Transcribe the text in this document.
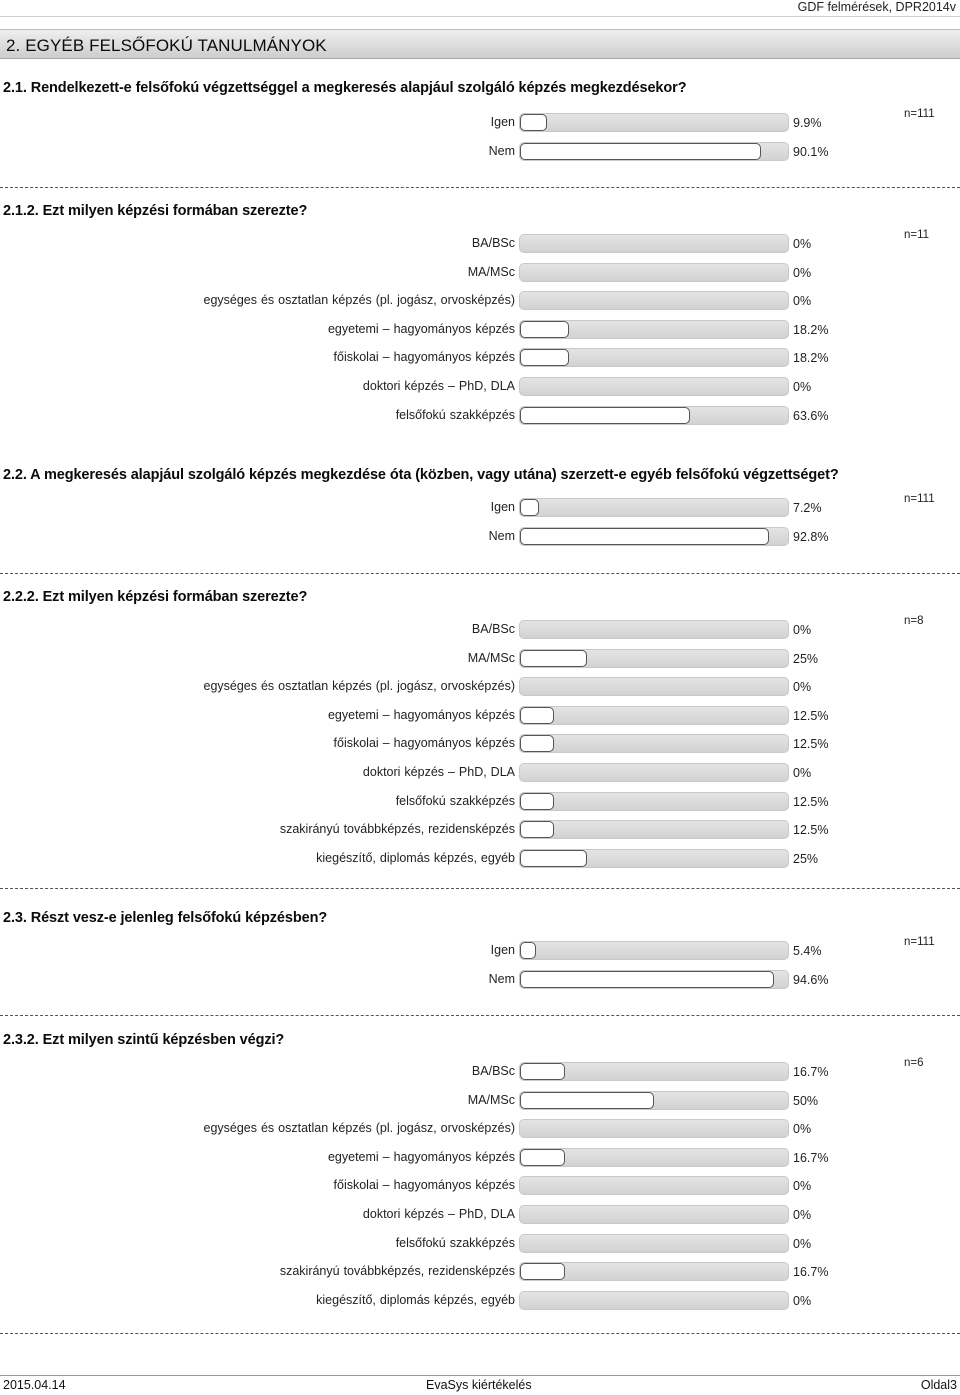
GDF felmérések, DPR2014v
2. EGYÉB FELSŐFOKÚ TANULMÁNYOK
2.1. Rendelkezett-e felsőfokú végzettséggel a megkeresés alapjául szolgáló képzés megkezdésekor?
Igen	9.9%
n=111
Nem	90.1%
2.1.2. Ezt milyen képzési formában szerezte?
BA/BSc	0%
n=11
MA/MSc	0%
egységes és osztatlan képzés (pl. jogász, orvosképzés)	0%
egyetemi – hagyományos képzés	18.2%
főiskolai – hagyományos képzés	18.2%
doktori képzés – PhD, DLA	0%
felsőfokú szakképzés	63.6%
2.2. A megkeresés alapjául szolgáló képzés megkezdése óta (közben, vagy utána) szerzett-e egyéb felsőfokú végzettséget?
Igen	7.2%
n=111
Nem	92.8%
2.2.2. Ezt milyen képzési formában szerezte?
BA/BSc	0%
n=8
MA/MSc	25%
egységes és osztatlan képzés (pl. jogász, orvosképzés)	0%
egyetemi – hagyományos képzés	12.5%
főiskolai – hagyományos képzés	12.5%
doktori képzés – PhD, DLA	0%
felsőfokú szakképzés	12.5%
szakirányú továbbképzés, rezidensképzés	12.5%
kiegészítő, diplomás képzés, egyéb	25%
2.3. Részt vesz-e jelenleg felsőfokú képzésben?
Igen	5.4%
n=111
Nem	94.6%
2.3.2. Ezt milyen szintű képzésben végzi?
BA/BSc	16.7%
n=6
MA/MSc	50%
egységes és osztatlan képzés (pl. jogász, orvosképzés)	0%
egyetemi – hagyományos képzés	16.7%
főiskolai – hagyományos képzés	0%
doktori képzés – PhD, DLA	0%
felsőfokú szakképzés	0%
szakirányú továbbképzés, rezidensképzés	16.7%
kiegészítő, diplomás képzés, egyéb	0%
2015.04.14	EvaSys kiértékelés	Oldal3
